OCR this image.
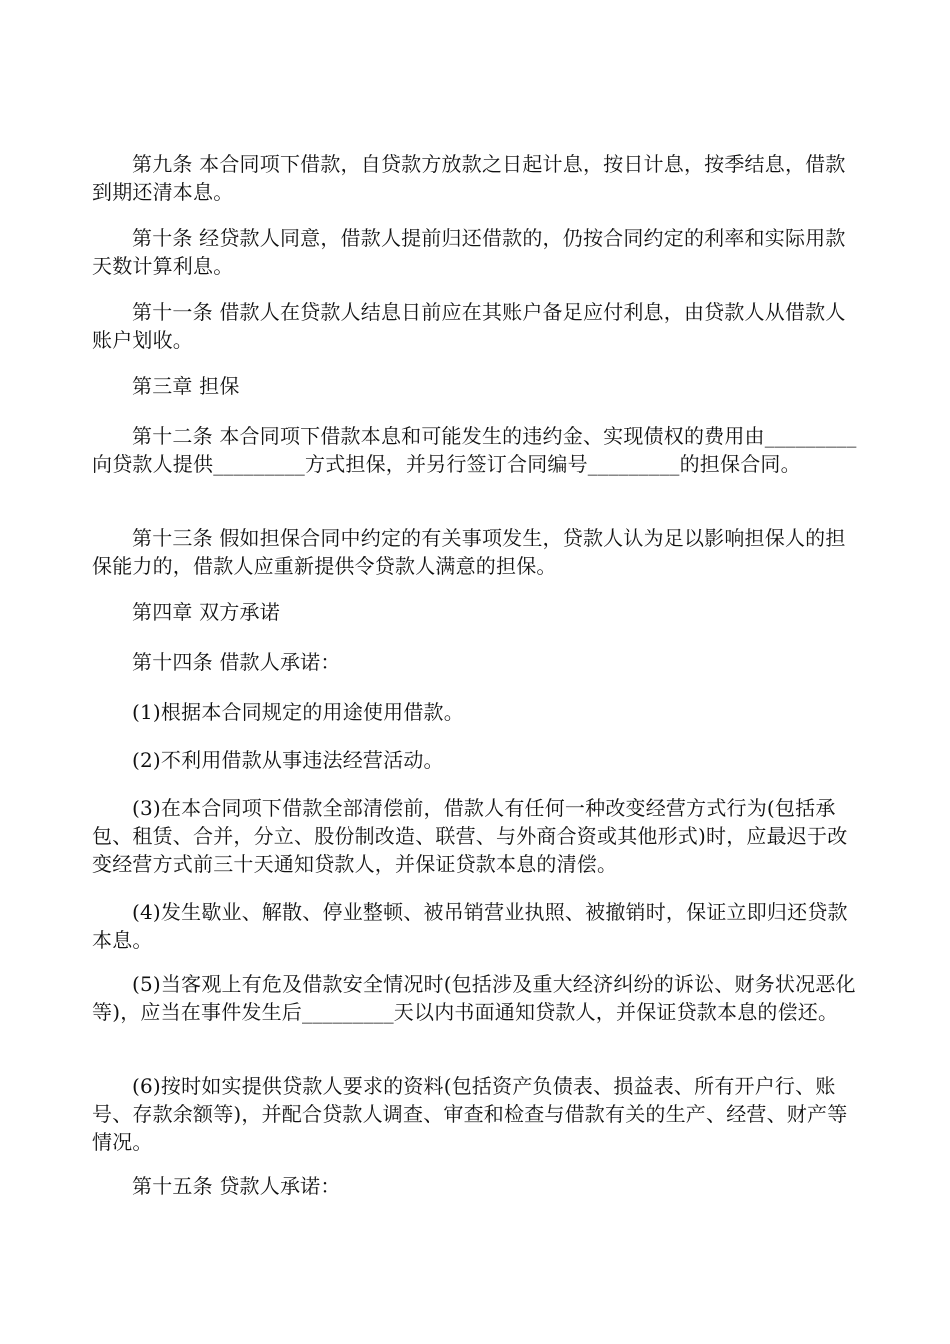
第九条 本合同项下借款，自贷款方放款之日起计息，按日计息，按季结息，借款到期还清本息。

第十条 经贷款人同意，借款人提前归还借款的，仍按合同约定的利率和实际用款天数计算利息。

第十一条 借款人在贷款人结息日前应在其账户备足应付利息，由贷款人从借款人账户划收。

第三章 担保

第十二条 本合同项下借款本息和可能发生的违约金、实现债权的费用由_________向贷款人提供_________方式担保，并另行签订合同编号_________的担保合同。

第十三条 假如担保合同中约定的有关事项发生，贷款人认为足以影响担保人的担保能力的，借款人应重新提供令贷款人满意的担保。

第四章 双方承诺

第十四条 借款人承诺：

(1)根据本合同规定的用途使用借款。

(2)不利用借款从事违法经营活动。

(3)在本合同项下借款全部清偿前，借款人有任何一种改变经营方式行为(包括承包、租赁、合并，分立、股份制改造、联营、与外商合资或其他形式)时，应最迟于改变经营方式前三十天通知贷款人，并保证贷款本息的清偿。

(4)发生歇业、解散、停业整顿、被吊销营业执照、被撤销时，保证立即归还贷款本息。

(5)当客观上有危及借款安全情况时(包括涉及重大经济纠纷的诉讼、财务状况恶化等)，应当在事件发生后_________天以内书面通知贷款人，并保证贷款本息的偿还。

(6)按时如实提供贷款人要求的资料(包括资产负债表、损益表、所有开户行、账号、存款余额等)，并配合贷款人调查、审查和检查与借款有关的生产、经营、财产等情况。

第十五条 贷款人承诺：
